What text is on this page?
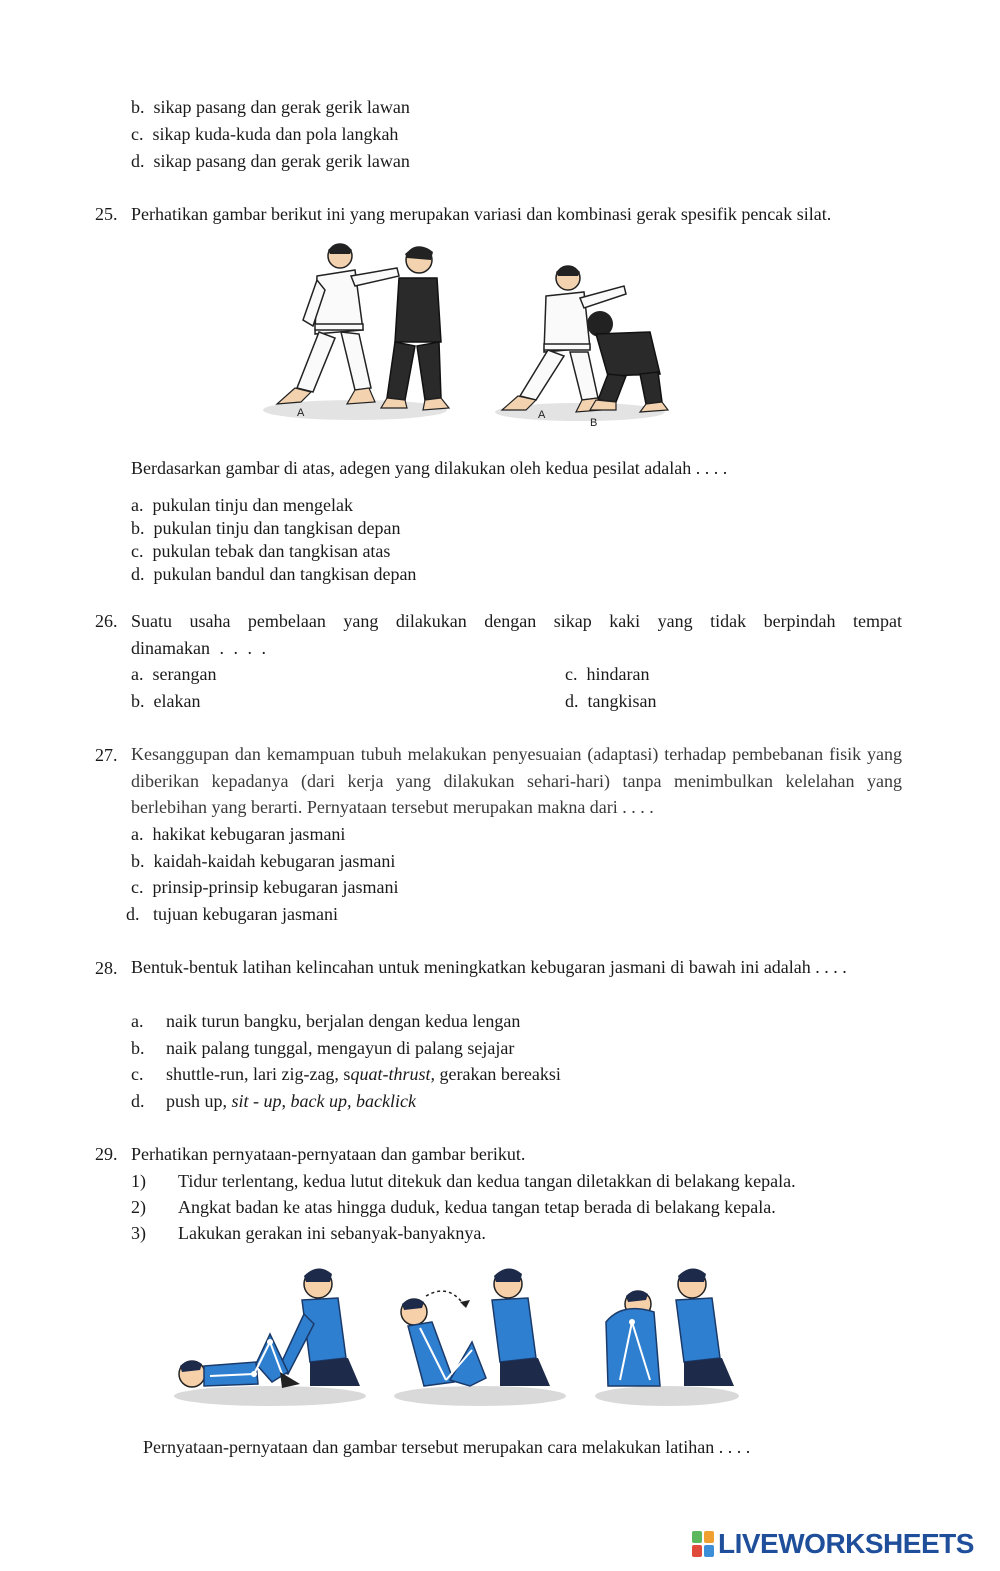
b. sikap pasang dan gerak gerik lawan
c. sikap kuda-kuda dan pola langkah
d. sikap pasang dan gerak gerik lawan
25. Perhatikan gambar berikut ini yang merupakan variasi dan kombinasi gerak spesifik pencak silat.
A	A
B
Berdasarkan gambar di atas, adegen yang dilakukan oleh kedua pesilat adalah . . . .
a. pukulan tinju dan mengelak
b. pukulan tinju dan tangkisan depan
c. pukulan tebak dan tangkisan atas
d. pukulan bandul dan tangkisan depan
26. Suatu usaha pembelaan yang dilakukan dengan sikap kaki yang tidak berpindah tempat dinamakan . . . .
a. serangan
b. elakan
c. hindaran
d. tangkisan
27. Kesanggupan dan kemampuan tubuh melakukan penyesuaian (adaptasi) terhadap pembebanan fisik yang diberikan kepadanya (dari kerja yang dilakukan sehari-hari) tanpa menimbulkan kelelahan yang berlebihan yang berarti. Pernyataan tersebut merupakan makna dari . . . .
a. hakikat kebugaran jasmani
b. kaidah-kaidah kebugaran jasmani
c. prinsip-prinsip kebugaran jasmani
d. tujuan kebugaran jasmani
28. Bentuk-bentuk latihan kelincahan untuk meningkatkan kebugaran jasmani di bawah ini adalah . . . .
a. naik turun bangku, berjalan dengan kedua lengan
b. naik palang tunggal, mengayun di palang sejajar
c. shuttle-run, lari zig-zag, squat-thrust, gerakan bereaksi
d. push up, sit - up, back up, backlick
29. Perhatikan pernyataan-pernyataan dan gambar berikut.
1) Tidur terlentang, kedua lutut ditekuk dan kedua tangan diletakkan di belakang kepala.
2) Angkat badan ke atas hingga duduk, kedua tangan tetap berada di belakang kepala.
3) Lakukan gerakan ini sebanyak-banyaknya.
Pernyataan-pernyataan dan gambar tersebut merupakan cara melakukan latihan . . . .
LIVEWORKSHEETS
